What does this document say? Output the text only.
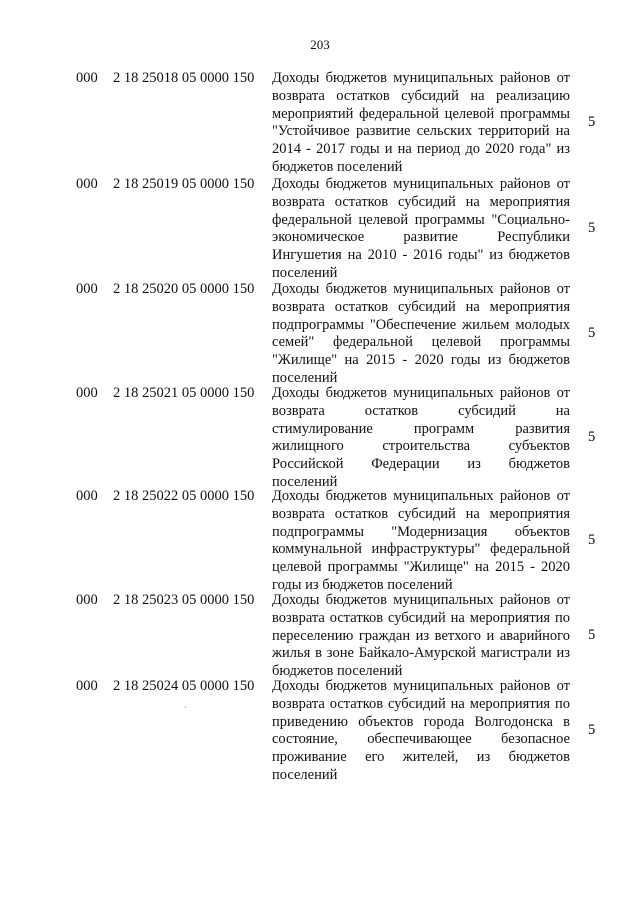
203
000 2 18 25018 05 0000 150 Доходы бюджетов муниципальных районов от
возврата остатков субсидий на реализацию
мероприятий федеральной целевой программы
"Устойчивое развитие сельских территорий на
2014 - 2017 годы и на период до 2020 года" из
бюджетов поселений
5
000 2 18 25019 05 0000 150 Доходы бюджетов муниципальных районов от
возврата остатков субсидий на мероприятия
федеральной целевой программы "Социально-
экономическое развитие Республики
Ингушетия на 2010 - 2016 годы" из бюджетов
поселений
5
000 2 18 25020 05 0000 150 Доходы бюджетов муниципальных районов от
возврата остатков субсидий на мероприятия
подпрограммы "Обеспечение жильем молодых
семей" федеральной целевой программы
"Жилище" на 2015 - 2020 годы из бюджетов
поселений
5
000 2 18 25021 05 0000 150 Доходы бюджетов муниципальных районов от
возврата остатков субсидий на
стимулирование программ развития
жилищного строительства субъектов
Российской Федерации из бюджетов
поселений
5
000 2 18 25022 05 0000 150 Доходы бюджетов муниципальных районов от
возврата остатков субсидий на мероприятия
подпрограммы "Модернизация объектов
коммунальной инфраструктуры" федеральной
целевой программы "Жилище" на 2015 - 2020
годы из бюджетов поселений
5
000 2 18 25023 05 0000 150 Доходы бюджетов муниципальных районов от
возврата остатков субсидий на мероприятия по
переселению граждан из ветхого и аварийного
жилья в зоне Байкало-Амурской магистрали из
бюджетов поселений
5
000 2 18 25024 05 0000 150 Доходы бюджетов муниципальных районов от
возврата остатков субсидий на мероприятия по
приведению объектов города Волгодонска в
состояние, обеспечивающее безопасное
проживание его жителей, из бюджетов
поселений
5
`
